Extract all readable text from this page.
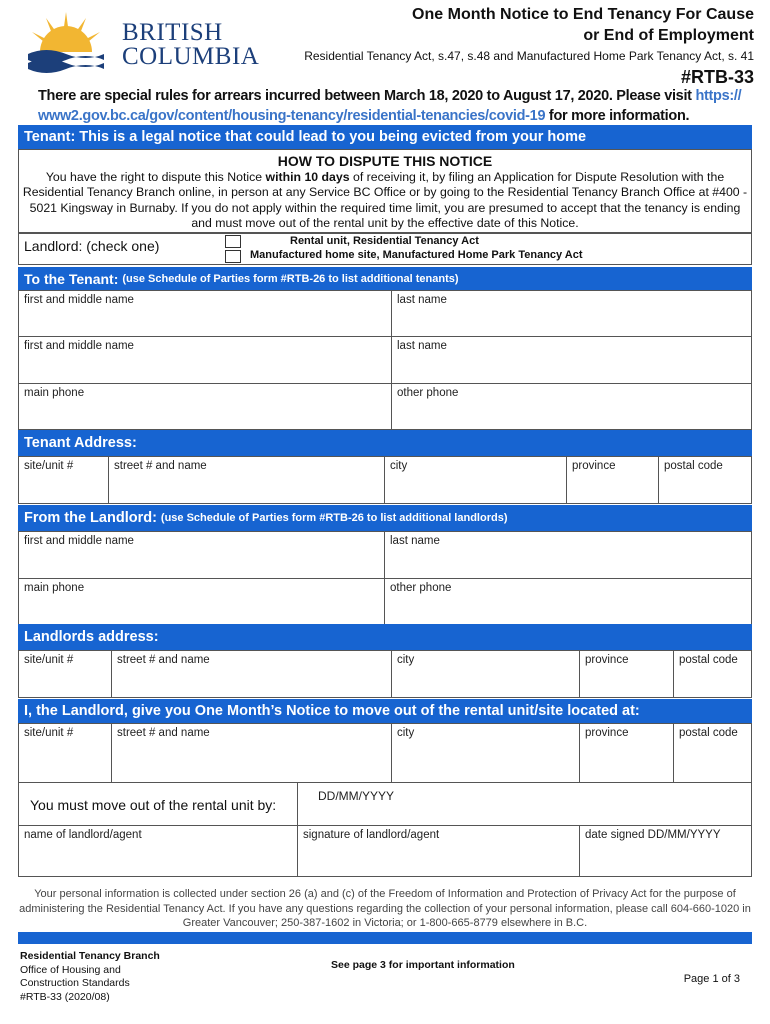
BRITISH
COLUMBIA
One Month Notice to End Tenancy For Cause
or End of Employment
Residential Tenancy Act, s.47, s.48 and Manufactured Home Park Tenancy Act, s. 41
#RTB-33
There are special rules for arrears incurred between March 18, 2020 to August 17, 2020. Please visit https://
www2.gov.bc.ca/gov/content/housing-tenancy/residential-tenancies/covid-19 for more information.
Tenant: This is a legal notice that could lead to you being evicted from your home
HOW TO DISPUTE THIS NOTICE
You have the right to dispute this Notice within 10 days of receiving it, by filing an Application for Dispute Resolution with the Residential Tenancy Branch online, in person at any Service BC Office or by going to the Residential Tenancy Branch Office at #400 - 5021 Kingsway in Burnaby. If you do not apply within the required time limit, you are presumed to accept that the tenancy is ending and must move out of the rental unit by the effective date of this Notice.
Landlord: (check one)	Rental unit, Residential Tenancy Act
Manufactured home site, Manufactured Home Park Tenancy Act
To the Tenant: (use Schedule of Parties form #RTB-26 to list additional tenants)
first and middle name	last name
first and middle name	last name
main phone	other phone
Tenant Address:
site/unit #	street # and name	city	province	postal code
From the Landlord: (use Schedule of Parties form #RTB-26 to list additional landlords)
first and middle name	last name
main phone	other phone
Landlords address:
site/unit #	street # and name	city	province	postal code
I, the Landlord, give you One Month’s Notice to move out of the rental unit/site located at:
site/unit #	street # and name	city	province	postal code
You must move out of the rental unit by:
DD/MM/YYYY
name of landlord/agent	signature of landlord/agent	date signed DD/MM/YYYY
Your personal information is collected under section 26 (a) and (c) of the Freedom of Information and Protection of Privacy Act for the purpose of administering the Residential Tenancy Act. If you have any questions regarding the collection of your personal information, please call 604-660-1020 in Greater Vancouver; 250-387-1602 in Victoria; or 1-800-665-8779 elsewhere in B.C.
Residential Tenancy Branch
Office of Housing and
Construction Standards
#RTB-33 (2020/08)
See page 3 for important information
Page 1 of 3
